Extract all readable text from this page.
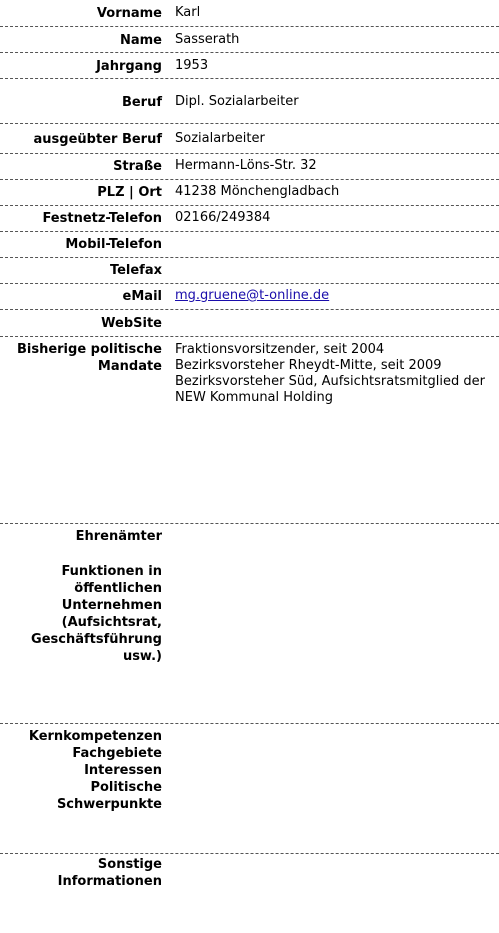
Vorname Karl
Name Sasserath
Jahrgang 1953
Beruf Dipl. Sozialarbeiter
ausgeübter Beruf Sozialarbeiter
Straße Hermann-Löns-Str. 32
PLZ | Ort 41238 Mönchengladbach
Festnetz-Telefon 02166/249384
Mobil-Telefon
Telefax
eMail mg.gruene@t-online.de
WebSite
Bisherige politische
Mandate
Fraktionsvorsitzender, seit 2004
Bezirksvorsteher Rheydt-Mitte, seit 2009
Bezirksvorsteher Süd, Aufsichtsratsmitglied der
NEW Kommunal Holding
Ehrenämter
Funktionen in
öffentlichen
Unternehmen
(Aufsichtsrat,
Geschäftsführung
usw.)
Kernkompetenzen
Fachgebiete
Interessen
Politische
Schwerpunkte
Sonstige
Informationen
